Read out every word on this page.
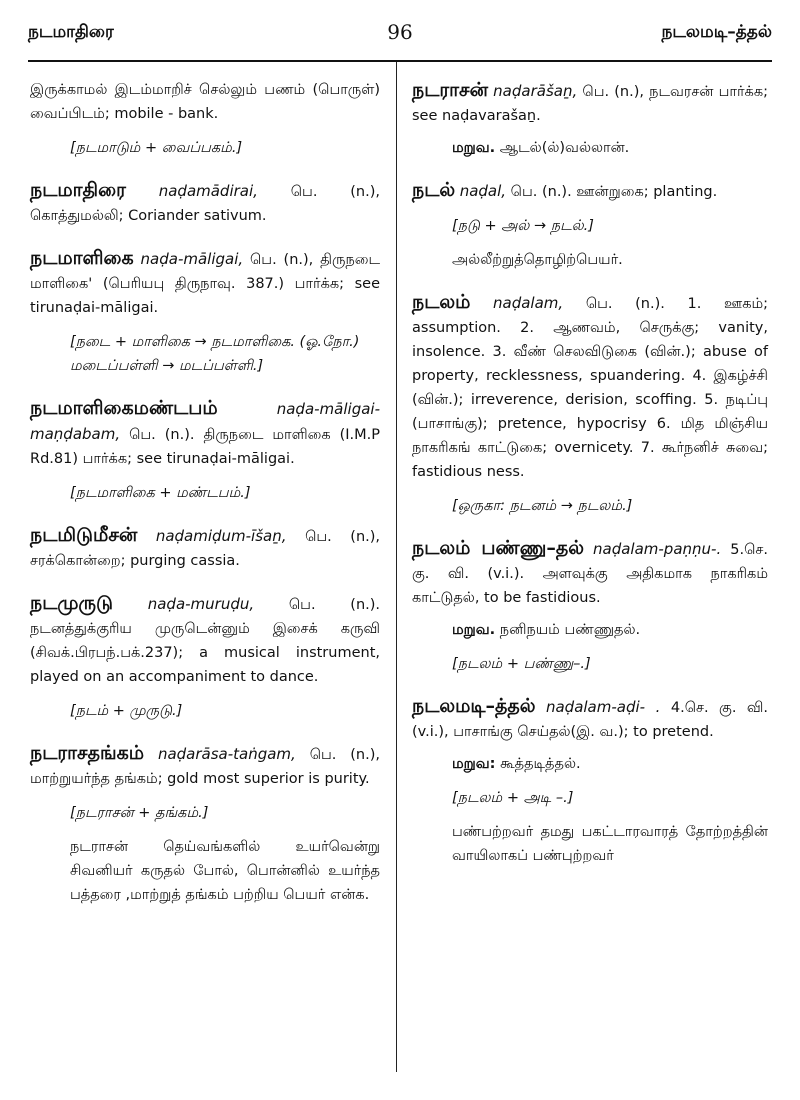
நடமாதிரை	96	நடலமடி–த்தல்
இருக்காமல் இடம்மாறிச் செல்லும் பணம் (பொருள்) வைப்பிடம்; mobile - bank.
[நடமாடும் + வைப்பகம்.]
நடமாதிரை naḍamādirai, பெ. (n.), கொத்துமல்லி; Coriander sativum.
நடமாளிகை naḍa-māligai, பெ. (n.), திருநடை மாளிகை' (பெரியபு திருநாவு. 387.) பார்க்க; see tirunaḍai-māligai.
[நடை + மாளிகை → நடமாளிகை. (ஓ.நோ.) மடைப்பள்ளி → மடப்பள்ளி.]
நடமாளிகைமண்டபம்	naḍa-māligai-maṇḍabam, பெ. (n.). திருநடை மாளிகை (I.M.P Rd.81) பார்க்க; see tirunaḍai-māligai.
[நடமாளிகை + மண்டபம்.]
நடமிடுமீசன் naḍamiḍum-īšaṉ, பெ. (n.), சரக்கொன்றை; purging cassia.
நடமுருடு naḍa-muruḍu, பெ. (n.). நடனத்துக்குரிய முருடென்னும் இசைக் கருவி (சிவக்.பிரபந்.பக்.237); a musical instrument, played on an accompaniment to dance.
[நடம் + முருடு.]
நடராசதங்கம் naḍarāsa-taṅgam, பெ. (n.), மாற்றுயர்ந்த தங்கம்; gold most superior is purity.
[நடராசன் + தங்கம்.]
நடராசன் தெய்வங்களில் உயர்வென்று சிவனியர் கருதல் போல், பொன்னில் உயர்ந்த பத்தரை ,மாற்றுத் தங்கம் பற்றிய பெயர் என்க.
நடராசன் naḍarāšaṉ, பெ. (n.), நடவரசன் பார்க்க; see naḍavarašaṉ.
மறுவ. ஆடல்(ல்)வல்லான்.
நடல் naḍal, பெ. (n.). ஊன்றுகை; planting.
[நடு + அல் → நடல்.]
அல்லீற்றுத்தொழிற்பெயர்.
நடலம் naḍalam, பெ. (n.). 1. ஊகம்; assumption. 2. ஆணவம், செருக்கு; vanity, insolence. 3. வீண் செலவிடுகை (வின்.); abuse of property, recklessness, spuandering. 4. இகழ்ச்சி (வின்.); irreverence, derision, scoffing. 5. நடிப்பு (பாசாங்கு); pretence, hypocrisy 6. மித மிஞ்சிய நாகரிகங் காட்டுகை; overnicety. 7. கூர்நனிச் சுவை; fastidious ness.
[ஒருகா: நடனம் → நடலம்.]
நடலம் பண்ணு–தல் naḍalam-paṇṇu-. 5.செ. கு. வி. (v.i.). அளவுக்கு அதிகமாக நாகரிகம் காட்டுதல், to be fastidious.
மறுவ. நனிநயம் பண்ணுதல்.
[நடலம் + பண்ணு–.]
நடலமடி–த்தல் naḍalam-aḍi- . 4.செ. கு. வி. (v.i.), பாசாங்கு செய்தல்(இ. வ.); to pretend.
மறுவ: கூத்தடித்தல்.
[நடலம் + அடி –.]
பண்பற்றவர் தமது பகட்டாரவாரத் தோற்றத்தின் வாயிலாகப் பண்புற்றவர்
